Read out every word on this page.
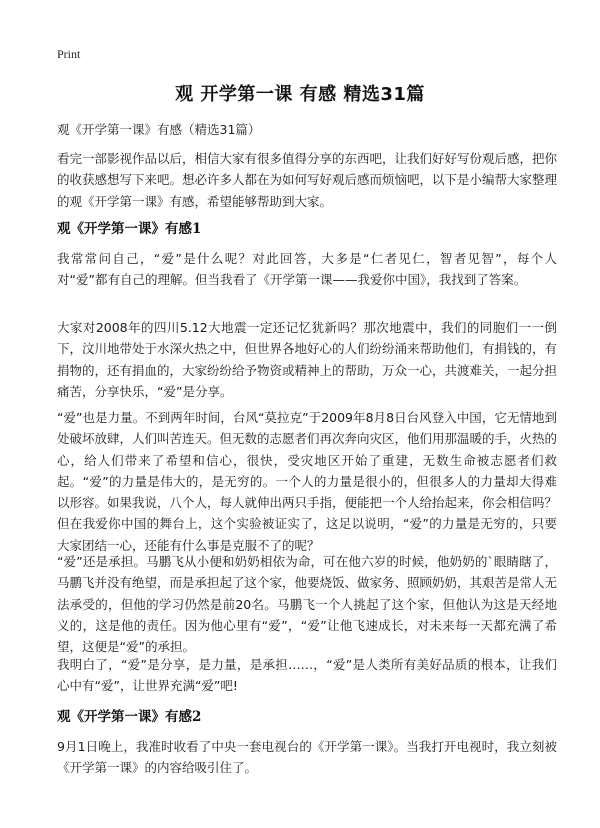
Print
观 开学第一课 有感 精选31篇
观《开学第一课》有感（精选31篇）
看完一部影视作品以后，相信大家有很多值得分享的东西吧，让我们好好写份观后感，把你的收获感想写下来吧。想必许多人都在为如何写好观后感而烦恼吧，以下是小编帮大家整理的观《开学第一课》有感，希望能够帮助到大家。
观《开学第一课》有感1
我常常问自己，“爱”是什么呢？对此回答，大多是“仁者见仁，智者见智”，每个人对“爱”都有自己的理解。但当我看了《开学第一课——我爱你中国》，我找到了答案。
大家对2008年的四川5.12大地震一定还记忆犹新吗？那次地震中，我们的同胞们一一倒下，汶川地带处于水深火热之中，但世界各地好心的人们纷纷涌来帮助他们，有捐钱的，有捐物的，还有捐血的，大家纷纷给予物资或精神上的帮助，万众一心，共渡难关，一起分担痛苦，分享快乐，“爱”是分享。
“爱”也是力量。不到两年时间，台风“莫拉克”于2009年8月8日台风登入中国，它无情地到处破坏放肆，人们叫苦连天。但无数的志愿者们再次奔向灾区，他们用那温暖的手，火热的心，给人们带来了希望和信心，很快，受灾地区开始了重建，无数生命被志愿者们救起。“爱”的力量是伟大的，是无穷的。一个人的力量是很小的，但很多人的力量却大得难以形容。如果我说，八个人，每人就伸出两只手指，便能把一个人给抬起来，你会相信吗？但在我爱你中国的舞台上，这个实验被证实了，这足以说明，“爱”的力量是无穷的，只要大家团结一心，还能有什么事是克服不了的呢？
“爱”还是承担。马鹏飞从小便和奶奶相依为命，可在他六岁的时候，他奶奶的`眼睛瞎了，马鹏飞并没有绝望，而是承担起了这个家，他要烧饭、做家务、照顾奶奶，其艰苦是常人无法承受的，但他的学习仍然是前20名。马鹏飞一个人挑起了这个家，但他认为这是天经地义的，这是他的责任。因为他心里有“爱”，“爱”让他飞速成长，对未来每一天都充满了希望，这便是“爱”的承担。
我明白了，“爱”是分享，是力量，是承担……，“爱”是人类所有美好品质的根本，让我们心中有“爱”，让世界充满“爱”吧!
观《开学第一课》有感2
9月1日晚上，我准时收看了中央一套电视台的《开学第一课》。当我打开电视时，我立刻被《开学第一课》的内容给吸引住了。
